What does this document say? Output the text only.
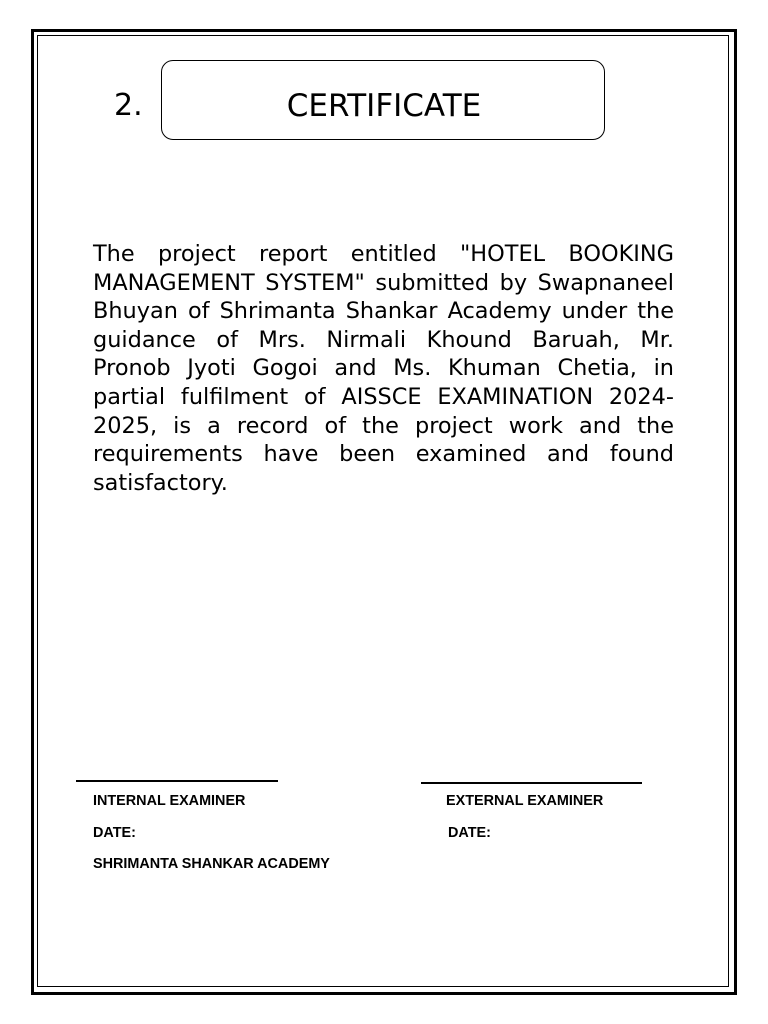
2.	CERTIFICATE
The project report entitled "HOTEL BOOKING MANAGEMENT SYSTEM" submitted by Swapnaneel Bhuyan of Shrimanta Shankar Academy under the guidance of Mrs. Nirmali Khound Baruah, Mr. Pronob Jyoti Gogoi and Ms. Khuman Chetia, in partial fulfilment of AISSCE EXAMINATION 2024-2025, is a record of the project work and the requirements have been examined and found satisfactory.
INTERNAL EXAMINER	EXTERNAL EXAMINER
DATE:	DATE:
SHRIMANTA SHANKAR ACADEMY
